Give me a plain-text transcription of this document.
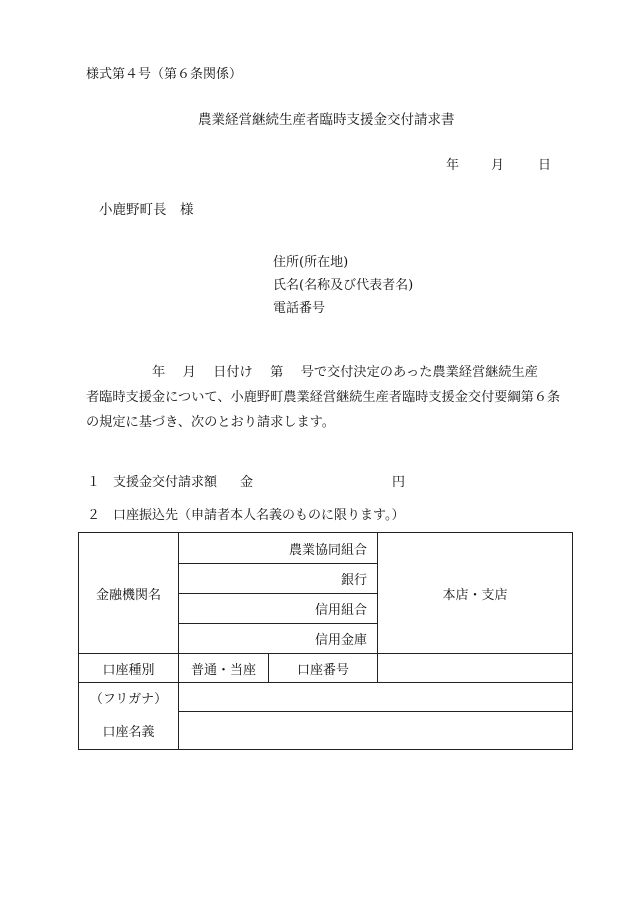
様式第４号（第６条関係）
農業経営継続生産者臨時支援金交付請求書
年 月	日
小鹿野町長　様
住所(所在地)
氏名(名称及び代表者名)
電話番号
年　 月　 日付け　 第　 号で交付決定のあった農業経営継続生産
者臨時支援金について、小鹿野町農業経営継続生産者臨時支援金交付要綱第６条
の規定に基づき、次のとおり請求します。
１　支援金交付請求額 金	円
２　口座振込先（申請者本人名義のものに限ります。）
金融機関名	農業協同組合		本店・支店
	銀行		
	信用組合		
	信用金庫		
口座種別	普通・当座	口座番号	
（フリガナ）			
口座名義			
